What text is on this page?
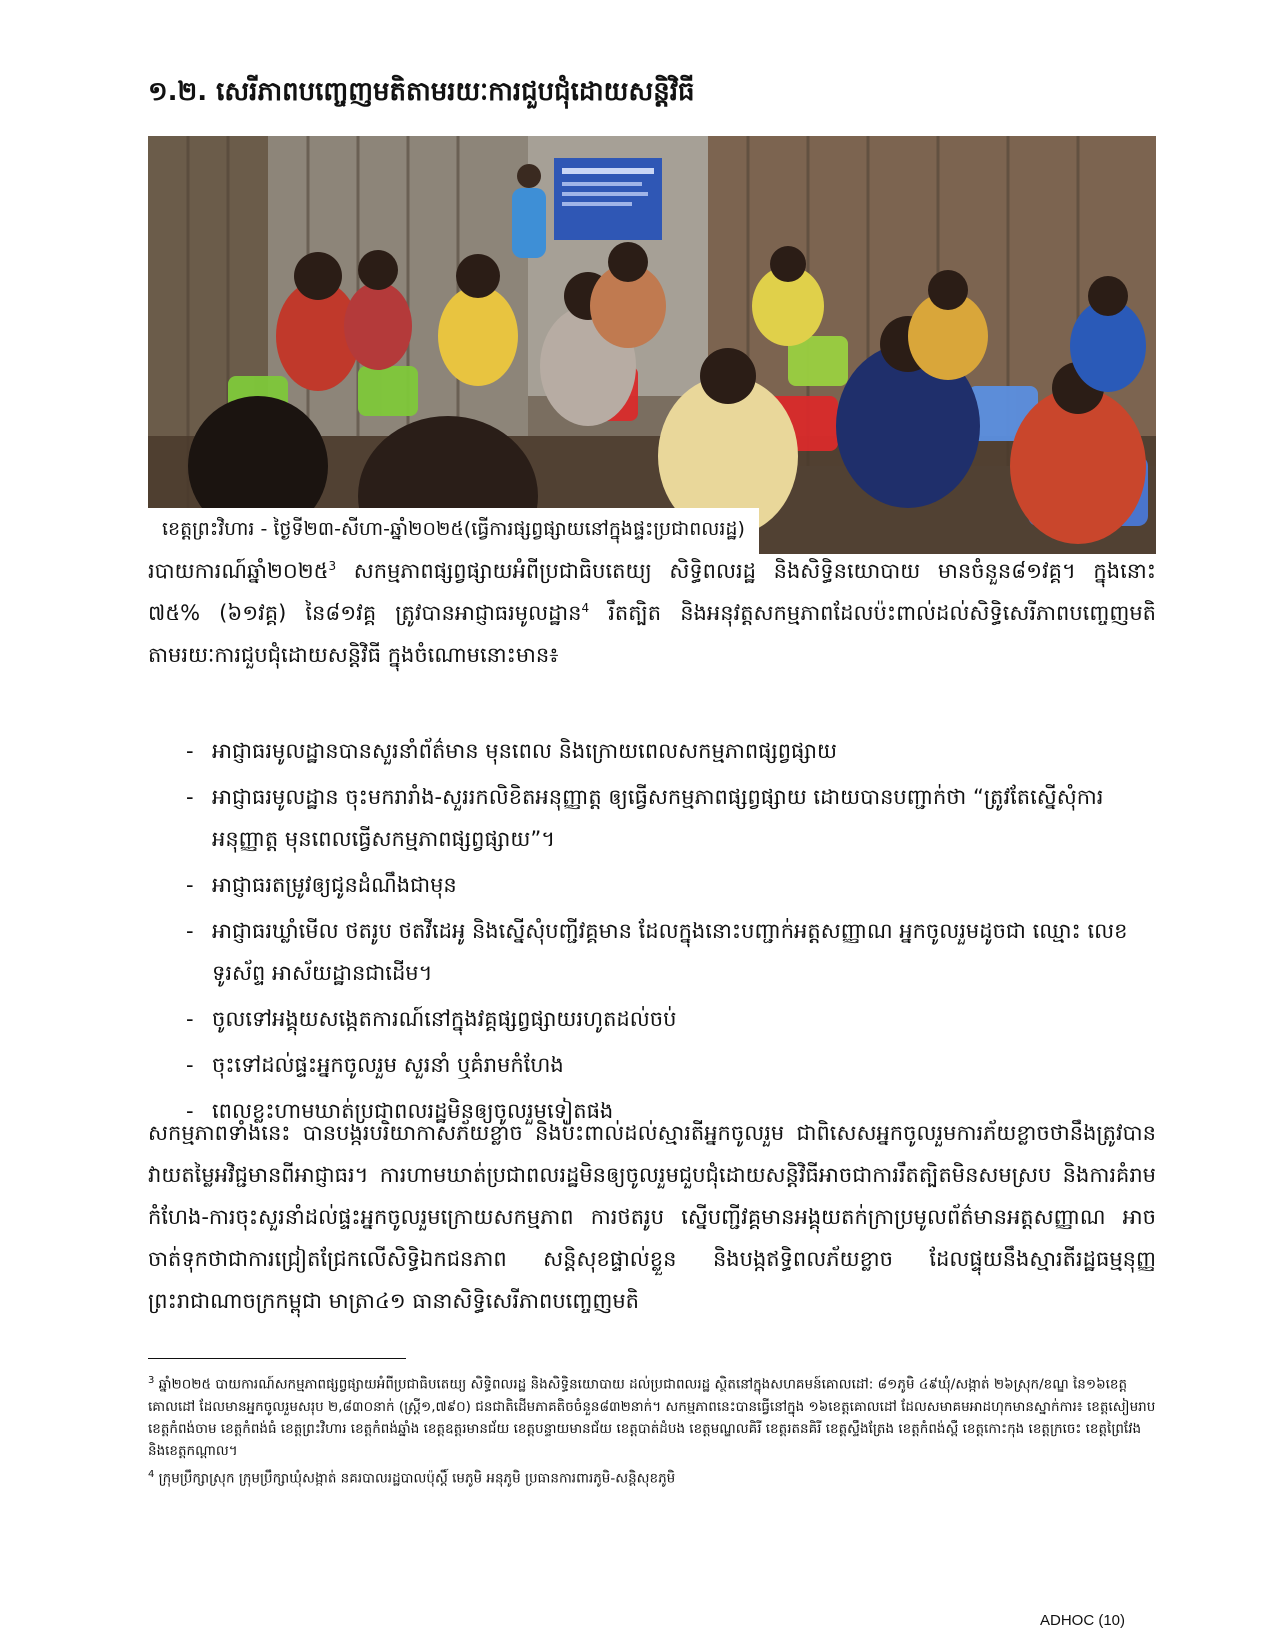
១.២. សេរីភាពបញ្ចេញមតិតាមរយៈការជួបជុំដោយសន្តិវិធី
ខេត្តព្រះវិហារ - ថ្ងៃទី២៣-សីហា-ឆ្នាំ២០២៥(ធ្វើការផ្សព្វផ្សាយនៅក្នុងផ្ទះប្រជាពលរដ្ឋ)

របាយការណ៍ឆ្នាំ២០២៥$^3$ សកម្មភាពផ្សព្វផ្សាយអំពីប្រជាធិបតេយ្យ សិទ្ធិពលរដ្ឋ និងសិទ្ធិនយោបាយ មានចំនួន៨១វគ្គ។ ក្នុងនោះ ៧៥% (៦១វគ្គ) នៃ៨១វគ្គ ត្រូវបានអាជ្ញាធរមូលដ្ឋាន$^4$ រឹតត្បិត និងអនុវត្តសកម្មភាពដែលប៉ះពាល់ដល់សិទ្ធិសេរីភាពបញ្ចេញមតិតាមរយៈការជួបជុំដោយសន្តិវិធី ក្នុងចំណោមនោះមាន៖

- អាជ្ញាធរមូលដ្ឋានបានសួរនាំព័ត៌មាន មុនពេល និងក្រោយពេលសកម្មភាពផ្សព្វផ្សាយ
- អាជ្ញាធរមូលដ្ឋាន ចុះមករារាំង-សួររកលិខិតអនុញ្ញាត្ត ឲ្យធ្វើសកម្មភាពផ្សព្វផ្សាយ ដោយបានបញ្ជាក់ថា “ត្រូវតែស្នើសុំការអនុញ្ញាត្ត មុនពេលធ្វើសកម្មភាពផ្សព្វផ្សាយ”។
- អាជ្ញាធរតម្រូវឲ្យជូនដំណឹងជាមុន
- អាជ្ញាធរឃ្លាំមើល ថតរូប ថតវីដេអូ និងស្នើសុំបញ្ជីវគ្គមាន ដែលក្នុងនោះបញ្ជាក់អត្តសញ្ញាណ អ្នកចូលរួមដូចជា ឈ្មោះ លេខទូរស័ព្ទ អាស័យដ្ឋានជាដើម។
- ចូលទៅអង្គុយសង្កេតការណ៍នៅក្នុងវគ្គផ្សព្វផ្សាយរហូតដល់ចប់
- ចុះទៅដល់ផ្ទះអ្នកចូលរួម សួរនាំ ឬគំរាមកំហែង
- ពេលខ្លះហាមឃាត់ប្រជាពលរដ្ឋមិនឲ្យចូលរួមទៀតផង

សកម្មភាពទាំងនេះ បានបង្ករបរិយាកាសភ័យខ្លាច និងប៉ះពាល់ដល់ស្មារតីអ្នកចូលរួម ជាពិសេសអ្នកចូលរួមការភ័យខ្លាចថានឹងត្រូវបានវាយតម្លៃអវិជ្ជមានពីអាជ្ញាធរ។ ការហាមឃាត់ប្រជាពលរដ្ឋមិនឲ្យចូលរួមជួបជុំដោយសន្តិវិធីអាចជាការរឹតត្បិតមិនសមស្រប និងការគំរាមកំហែង-ការចុះសួរនាំដល់ផ្ទះអ្នកចូលរួមក្រោយសកម្មភាព ការថតរូប ស្នើបញ្ជីវគ្គមានអង្គុយតក់ក្រាប្រមូលព័ត៌មានអត្តសញ្ញាណ អាចចាត់ទុកថាជាការជ្រៀតជ្រែកលើសិទ្ធិឯកជនភាព សន្តិសុខផ្ទាល់ខ្លួន និងបង្កឥទ្ធិពលភ័យខ្លាច ដែលផ្ទុយនឹងស្មារតីរដ្ឋធម្មនុញ្ញព្រះរាជាណាចក្រកម្ពុជា មាត្រា៤១ ធានាសិទ្ធិសេរីភាពបញ្ចេញមតិ

$^3$ ឆ្នាំ២០២៥ បាយការណ៍សកម្មភាពផ្សព្វផ្សាយអំពីប្រជាធិបតេយ្យ សិទ្ធិពលរដ្ឋ និងសិទ្ធិនយោបាយ ដល់ប្រជាពលរដ្ឋ ស្ថិតនៅក្នុងសហគមន៍គោលដៅ: ៨១ភូមិ ៤៩ឃុំ/សង្កាត់ ២៦ស្រុក/ខណ្ឌ នៃ១៦ខេត្តគោលដៅ ដែលមានអ្នកចូលរួមសរុប ២,៨៣០នាក់ (ស្ត្រី១,៧៩០) ជនជាតិដើមភាគតិចចំនួន៨៣២នាក់។ សកម្មភាពនេះបានធ្វើនៅក្នុង ១៦ខេត្តគោលដៅ ដែលសមាគមអាដហុកមានស្នាក់ការ៖ ខេត្តសៀមរាប ខេត្តកំពង់ចាម ខេត្តកំពង់ធំ ខេត្តព្រះវិហារ ខេត្តកំពង់ឆ្នាំង ខេត្តឧត្តរមានជ័យ ខេត្តបន្ទាយមានជ័យ ខេត្តបាត់ដំបង ខេត្តមណ្ឌលគិរី ខេត្តរតនគិរី ខេត្តស្ទឹងត្រែង ខេត្តកំពង់ស្ពឺ ខេត្តកោះកុង ខេត្តក្រចេះ ខេត្តព្រៃវែង និងខេត្តកណ្ដាល។

$^4$ ក្រុមប្រឹក្សាស្រុក ក្រុមប្រឹក្សាឃុំសង្កាត់ នគរបាលរដ្ឋបាលប៉ុស្តិ៍ មេភូមិ អនុភូមិ ប្រធានការពារភូមិ-សន្តិសុខភូមិ

ADHOC (10)
